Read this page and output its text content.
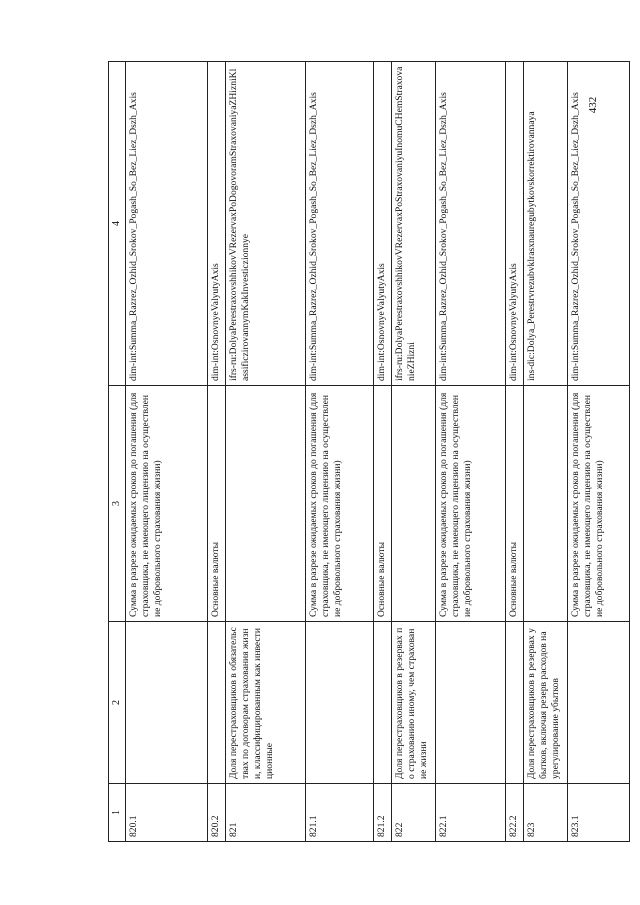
432
1	2	3	4
820.1		Сумма в разрезе ожидаемых сроков до погашения (для страховщика, не имеющего лицензию на осуществление добровольного страхования жизни)	dim-int:Summa_Razrez_Ozhid_Srokov_Pogash_So_Bez_Liez_Dszh_Axis
820.2		Основные валюты	dim-int:OsnovnyeValyutyAxis
821	Доля перестраховщиков в обязательствах по договорам страхования жизни, классифицированным как инвестиционные		ifrs-ru:DolyaPerestraxovshhikovVRezervaxPoDogovoramStraxovaniyaZHizniKlassificzirovannymKakInvesticzionnye
821.1		Сумма в разрезе ожидаемых сроков до погашения (для страховщика, не имеющего лицензию на осуществление добровольного страхования жизни)	dim-int:Summa_Razrez_Ozhid_Srokov_Pogash_So_Bez_Liez_Dszh_Axis
821.2		Основные валюты	dim-int:OsnovnyeValyutyAxis
822	Доля перестраховщиков в резервах по страхованию иному, чем страхование жизни		ifrs-ru:DolyaPerestraxovshhikovVRezervaxPoStraxovaniyuInomuCHemStraxovanieZHizni
822.1		Сумма в разрезе ожидаемых сроков до погашения (для страховщика, не имеющего лицензию на осуществление добровольного страхования жизни)	dim-int:Summa_Razrez_Ozhid_Srokov_Pogash_So_Bez_Liez_Dszh_Axis
822.2		Основные валюты	dim-int:OsnovnyeValyutyAxis
823	Доля перестраховщиков в резервах убытков, включая резерв расходов на урегулирование убытков		ins-dic:Dolya_Perestrvrezubvklrasxnauregubytkovskorrektirovannaya
823.1		Сумма в разрезе ожидаемых сроков до погашения (для страховщика, не имеющего лицензию на осуществление добровольного страхования жизни)	dim-int:Summa_Razrez_Ozhid_Srokov_Pogash_So_Bez_Liez_Dszh_Axis
